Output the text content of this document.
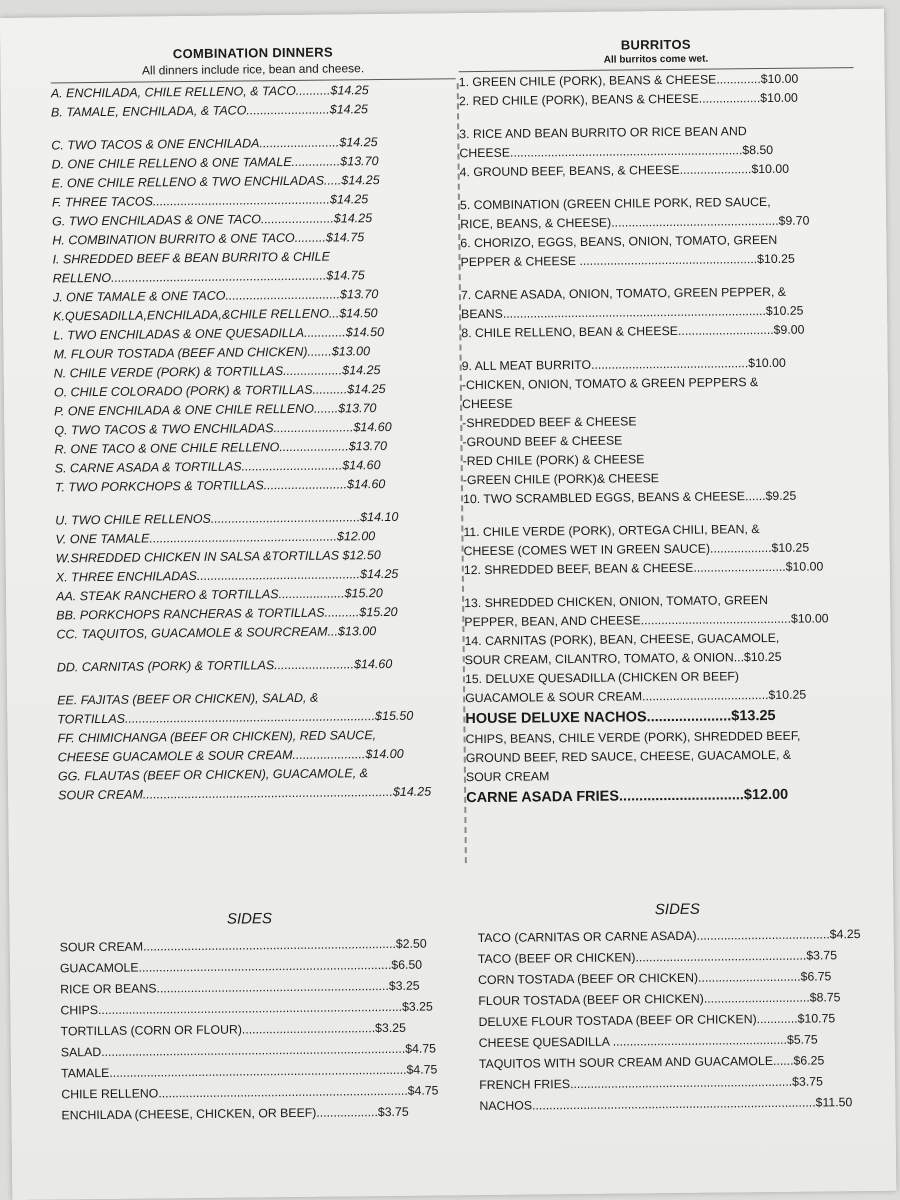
COMBINATION DINNERS
All dinners include rice, bean and cheese.
A. ENCHILADA, CHILE RELLENO, & TACO..........$14.25
B. TAMALE, ENCHILADA, & TACO........................$14.25
C. TWO TACOS & ONE ENCHILADA.......................$14.25
D. ONE CHILE RELLENO & ONE TAMALE..............$13.70
E. ONE CHILE RELLENO & TWO ENCHILADAS.....$14.25
F. THREE TACOS...................................................$14.25
G. TWO ENCHILADAS & ONE TACO.....................$14.25
H. COMBINATION BURRITO & ONE TACO.........$14.75
I. SHREDDED BEEF & BEAN BURRITO & CHILE
RELLENO..............................................................$14.75
J. ONE TAMALE & ONE TACO.................................$13.70
K.QUESADILLA,ENCHILADA,&CHILE RELLENO...$14.50
L. TWO ENCHILADAS & ONE QUESADILLA............$14.50
M. FLOUR TOSTADA (BEEF AND CHICKEN).......$13.00
N. CHILE VERDE (PORK) & TORTILLAS.................$14.25
O. CHILE COLORADO (PORK) & TORTILLAS..........$14.25
P. ONE ENCHILADA & ONE CHILE RELLENO.......$13.70
Q. TWO TACOS & TWO ENCHILADAS.......................$14.60
R. ONE TACO & ONE CHILE RELLENO....................$13.70
S. CARNE ASADA & TORTILLAS.............................$14.60
T. TWO PORKCHOPS & TORTILLAS........................$14.60
U. TWO CHILE RELLENOS...........................................$14.10
V. ONE TAMALE......................................................$12.00
W.SHREDDED CHICKEN IN SALSA &TORTILLAS $12.50
X. THREE ENCHILADAS...............................................$14.25
AA. STEAK RANCHERO & TORTILLAS...................$15.20
BB. PORKCHOPS RANCHERAS & TORTILLAS..........$15.20
CC. TAQUITOS, GUACAMOLE & SOURCREAM...$13.00
DD. CARNITAS (PORK) & TORTILLAS.......................$14.60
EE. FAJITAS (BEEF OR CHICKEN), SALAD, &
TORTILLAS........................................................................$15.50
FF. CHIMICHANGA (BEEF OR CHICKEN), RED SAUCE,
CHEESE GUACAMOLE & SOUR CREAM.....................$14.00
GG. FLAUTAS (BEEF OR CHICKEN), GUACAMOLE, &
SOUR CREAM........................................................................$14.25
BURRITOS
All burritos come wet.
1. GREEN CHILE (PORK), BEANS & CHEESE.............$10.00
2. RED CHILE (PORK), BEANS & CHEESE..................$10.00
3. RICE AND BEAN BURRITO OR RICE BEAN AND
CHEESE....................................................................$8.50
4. GROUND BEEF, BEANS, & CHEESE.....................$10.00
5. COMBINATION (GREEN CHILE PORK, RED SAUCE,
RICE, BEANS, & CHEESE).................................................$9.70
6. CHORIZO, EGGS, BEANS, ONION, TOMATO, GREEN
PEPPER & CHEESE ....................................................$10.25
7. CARNE ASADA, ONION, TOMATO, GREEN PEPPER, &
BEANS.............................................................................$10.25
8. CHILE RELLENO, BEAN & CHEESE............................$9.00
9. ALL MEAT BURRITO..............................................$10.00
-CHICKEN, ONION, TOMATO & GREEN PEPPERS &
CHEESE
-SHREDDED BEEF & CHEESE
-GROUND BEEF & CHEESE
-RED CHILE (PORK) & CHEESE
-GREEN CHILE (PORK)& CHEESE
10. TWO SCRAMBLED EGGS, BEANS & CHEESE......$9.25
11. CHILE VERDE (PORK), ORTEGA CHILI, BEAN, &
CHEESE (COMES WET IN GREEN SAUCE)..................$10.25
12. SHREDDED BEEF, BEAN & CHEESE...........................$10.00
13. SHREDDED CHICKEN, ONION, TOMATO, GREEN
PEPPER, BEAN, AND CHEESE............................................$10.00
14. CARNITAS (PORK), BEAN, CHEESE, GUACAMOLE,
SOUR CREAM, CILANTRO, TOMATO, & ONION...$10.25
15. DELUXE QUESADILLA (CHICKEN OR BEEF)
GUACAMOLE & SOUR CREAM.....................................$10.25
HOUSE DELUXE NACHOS.....................$13.25
CHIPS, BEANS, CHILE VERDE (PORK), SHREDDED BEEF,
GROUND BEEF, RED SAUCE, CHEESE, GUACAMOLE, &
SOUR CREAM
CARNE ASADA FRIES...............................$12.00
SIDES
SOUR CREAM..........................................................................$2.50
GUACAMOLE..........................................................................$6.50
RICE OR BEANS....................................................................$3.25
CHIPS.........................................................................................$3.25
TORTILLAS (CORN OR FLOUR).......................................$3.25
SALAD.........................................................................................$4.75
TAMALE.......................................................................................$4.75
CHILE RELLENO.........................................................................$4.75
ENCHILADA (CHEESE, CHICKEN, OR BEEF)..................$3.75
SIDES
TACO (CARNITAS OR CARNE ASADA).......................................$4.25
TACO (BEEF OR CHICKEN)..................................................$3.75
CORN TOSTADA (BEEF OR CHICKEN)..............................$6.75
FLOUR TOSTADA (BEEF OR CHICKEN)...............................$8.75
DELUXE FLOUR TOSTADA (BEEF OR CHICKEN)............$10.75
CHEESE QUESADILLA ...................................................$5.75
TAQUITOS WITH SOUR CREAM AND GUACAMOLE......$6.25
FRENCH FRIES.................................................................$3.75
NACHOS...................................................................................$11.50
